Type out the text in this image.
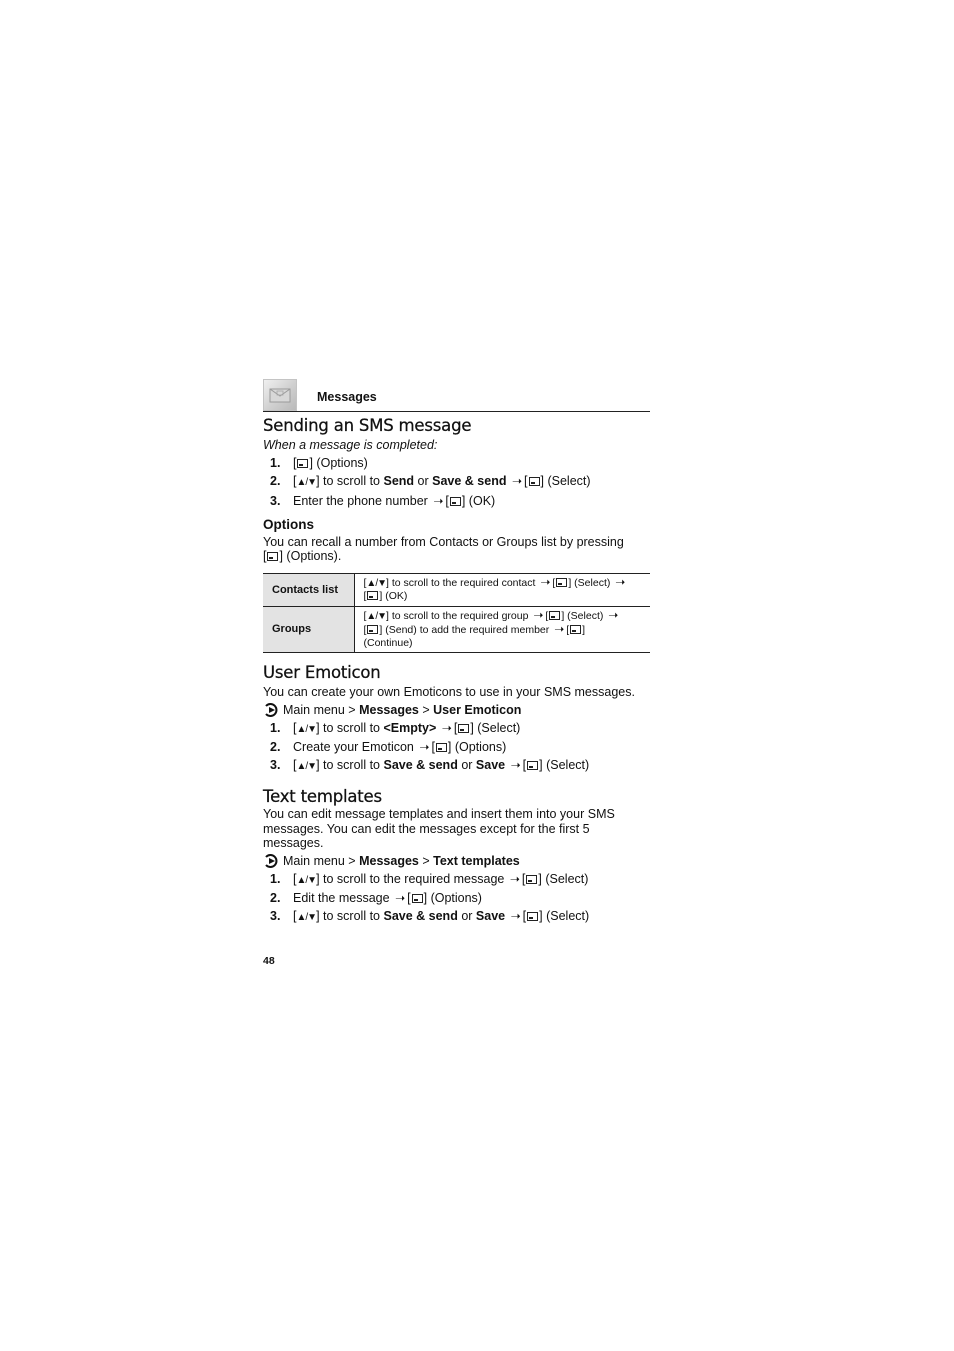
Messages
Sending an SMS message

When a message is completed:

1. [ ] (Options)
2. [▲/▼] to scroll to Send or Save & send ➝ [ ] (Select)
3. Enter the phone number ➝ [ ] (OK)
Options

You can recall a number from Contacts or Groups list by pressing
[ ] (Options).

Contacts list	[▲/▼] to scroll to the required contact ➝ [ ] (Select) ➝
[ ] (OK)
Groups	[▲/▼] to scroll to the required group ➝ [ ] (Select) ➝
[ ] (Send) to add the required member ➝ [ ]
(Continue)
User Emoticon

You can create your own Emoticons to use in your SMS messages.

Main menu > Messages > User Emoticon
1. [▲/▼] to scroll to <Empty> ➝ [ ] (Select)
2. Create your Emoticon ➝ [ ] (Options)
3. [▲/▼] to scroll to Save & send or Save ➝ [ ] (Select)
Text templates

You can edit message templates and insert them into your SMS messages. You can edit the messages except for the first 5 messages.

Main menu > Messages > Text templates
1. [▲/▼] to scroll to the required message ➝ [ ] (Select)
2. Edit the message ➝ [ ] (Options)
3. [▲/▼] to scroll to Save & send or Save ➝ [ ] (Select)
48
